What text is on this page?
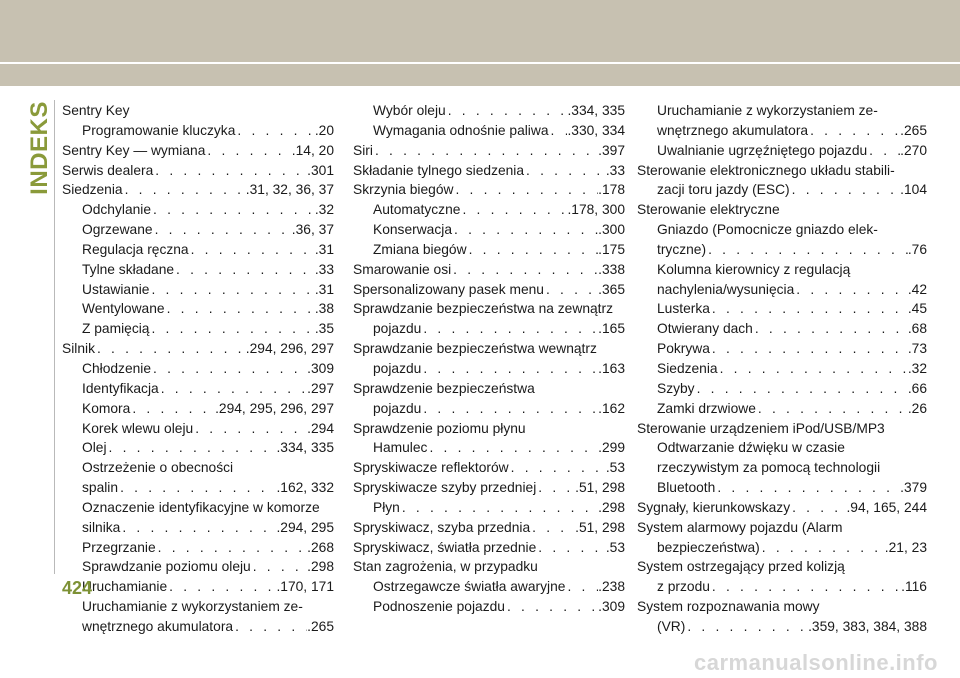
INDEKS Sentry Key
Programowanie kluczyka . . .	.20
Sentry Key — wymiana . . .	.14, 20
Serwis dealera . . .	.301
Siedzenia . . .	.31, 32, 36, 37
Odchylanie . . .	.32
Ogrzewane . . .	.36, 37
Regulacja ręczna . . .	.31
Tylne składane . . .	.33
Ustawianie . . .	.31
Wentylowane . . .	.38
Z pamięcią . . .	.35
Silnik . . .	.294, 296, 297
Chłodzenie . . .	.309
Identyfikacja . . .	.297
Komora . . .	.294, 295, 296, 297
Korek wlewu oleju . . .	.294
Olej . . .	.334, 335
Ostrzeżenie o obecności
spalin . . .	.162, 332
Oznaczenie identyfikacyjne w komorze
silnika . . .	.294, 295
Przegrzanie . . .	.268
Sprawdzanie poziomu oleju . . .	.298
Uruchamianie . . .	.170, 171
Uruchamianie z wykorzystaniem ze-
wnętrznego akumulatora . . .	.265
Wybór oleju . . .	.334, 335
Wymagania odnośnie paliwa . . . .330, 334
Siri . . .	.397
Składanie tylnego siedzenia . . .	.33
Skrzynia biegów . . .	.178
Automatyczne . . .	.178, 300
Konserwacja . . .	.300
Zmiana biegów . . .	.175
Smarowanie osi . . .	.338
Spersonalizowany pasek menu . . .	.365
Sprawdzanie bezpieczeństwa na zewnątrz
pojazdu . . .	.165
Sprawdzanie bezpieczeństwa wewnątrz
pojazdu . . .	.163
Sprawdzenie bezpieczeństwa
pojazdu . . .	.162
Sprawdzenie poziomu płynu
Hamulec . . .	.299
Spryskiwacze reflektorów . . .	.53
Spryskiwacze szyby przedniej . . .	.51, 298
Płyn . . .	.298
Spryskiwacz, szyba przednia . . .	.51, 298
Spryskiwacz, światła przednie . . .	.53
Stan zagrożenia, w przypadku
Ostrzegawcze światła awaryjne . . . .238
Podnoszenie pojazdu . . .	.309
Uruchamianie z wykorzystaniem ze-
wnętrznego akumulatora . . .	.265
Uwalnianie ugrzęźniętego pojazdu . . . .270
Sterowanie elektronicznego układu stabili-
zacji toru jazdy (ESC) . . .	.104
Sterowanie elektryczne
Gniazdo (Pomocnicze gniazdo elek-
tryczne) . . .	.76
Kolumna kierownicy z regulacją
nachylenia/wysunięcia . . .	.42
Lusterka . . .	.45
Otwierany dach . . .	.68
Pokrywa . . .	.73
Siedzenia . . .	.32
Szyby . . .	.66
Zamki drzwiowe . . .	.26
Sterowanie urządzeniem iPod/USB/MP3
Odtwarzanie dźwięku w czasie
rzeczywistym za pomocą technologii
Bluetooth . . .	.379
Sygnały, kierunkowskazy . . .	.94, 165, 244
System alarmowy pojazdu (Alarm
bezpieczeństwa) . . .	.21, 23
System ostrzegający przed kolizją
z przodu . . .	.116
System rozpoznawania mowy
(VR) . . .	.359, 383, 384, 388
424
carmanualsonline.info
